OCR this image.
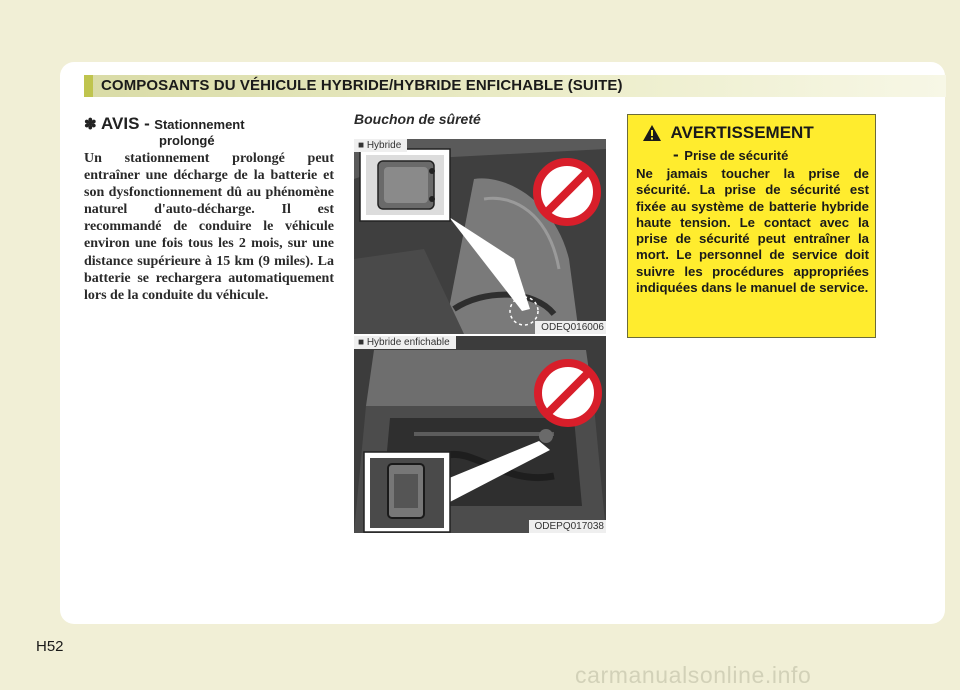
COMPOSANTS DU VÉHICULE HYBRIDE/HYBRIDE ENFICHABLE (SUITE)
✽ AVIS - Stationnement
prolongé
Un stationnement prolongé peut entraîner une décharge de la batterie et son dysfonctionnement dû au phénomène naturel d'auto-décharge. Il est recommandé de conduire le véhicule environ une fois tous les 2 mois, sur une distance supérieure à 15 km (9 miles). La batterie se rechargera automatiquement lors de la conduite du véhicule.
Bouchon de sûreté
■ Hybride
ODEQ016006
■ Hybride enfichable
ODEPQ017038
AVERTISSEMENT
- Prise de sécurité
Ne jamais toucher la prise de sécurité. La prise de sécurité est fixée au système de batterie hybride haute tension. Le contact avec la prise de sécurité peut entraîner la mort. Le personnel de service doit suivre les procédures appropriées indiquées dans le manuel de service.
H52
carmanualsonline.info
